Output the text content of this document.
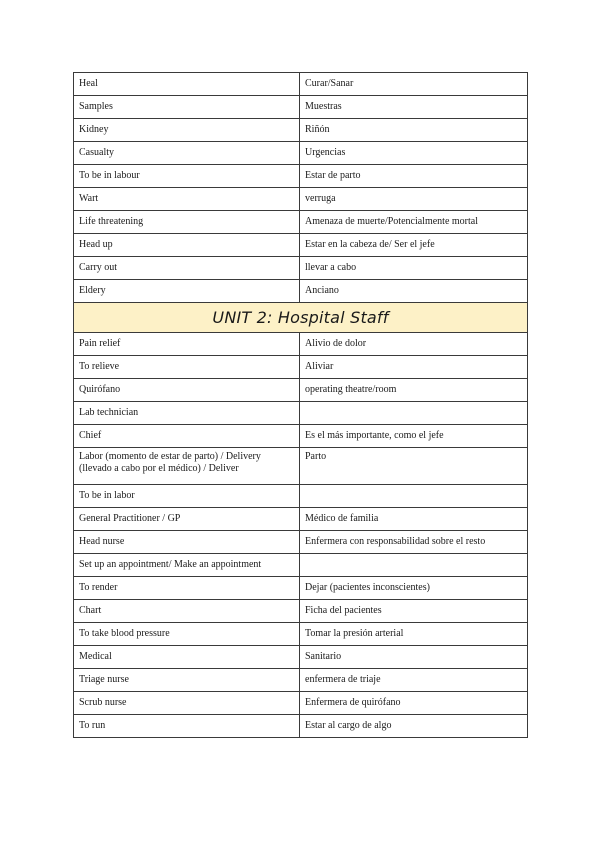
Heal	Curar/Sanar
Samples	Muestras
Kidney	Riñón
Casualty	Urgencias
To be in labour	Estar de parto
Wart	verruga
Life threatening	Amenaza de muerte/Potencialmente mortal
Head up	Estar en la cabeza de/ Ser el jefe
Carry out	llevar a cabo
Eldery	Anciano
UNIT 2: Hospital Staff	
Pain relief	Alivio de dolor
To relieve	Aliviar
Quirófano	operating theatre/room
Lab technician	
Chief	Es el más importante, como el jefe
Labor (momento de estar de parto) / Delivery (llevado a cabo por el médico) / Deliver	Parto
To be in labor	
General Practitioner / GP	Médico de familia
Head nurse	Enfermera con responsabilidad sobre el resto
Set up an appointment/ Make an appointment	
To render	Dejar (pacientes inconscientes)
Chart	Ficha del pacientes
To take blood pressure	Tomar la presión arterial
Medical	Sanitario
Triage nurse	enfermera de triaje
Scrub nurse	Enfermera de quirófano
To run	Estar al cargo de algo
